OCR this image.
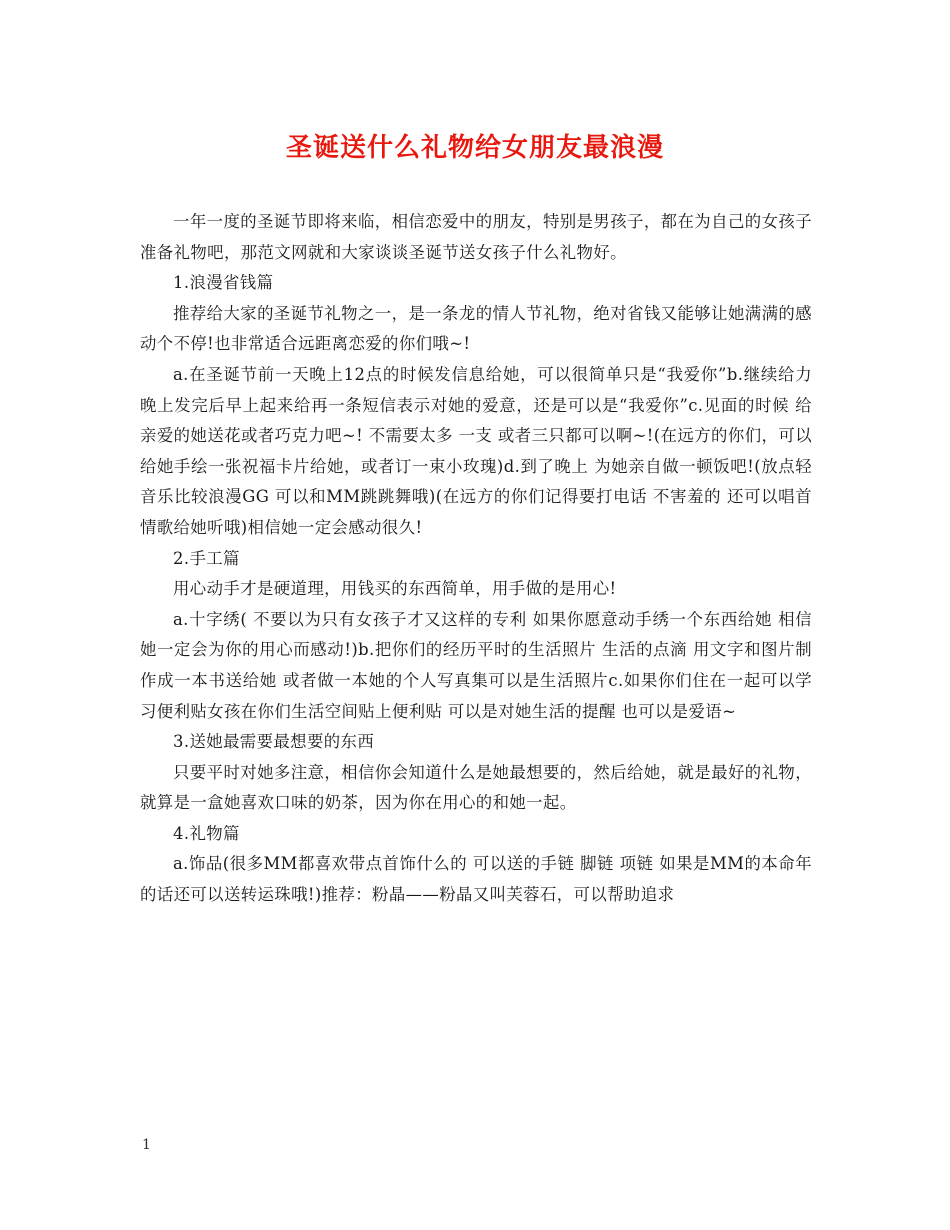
圣诞送什么礼物给女朋友最浪漫

一年一度的圣诞节即将来临，相信恋爱中的朋友，特别是男孩子，都在为自己的女孩子准备礼物吧，那范文网就和大家谈谈圣诞节送女孩子什么礼物好。

1.浪漫省钱篇

推荐给大家的圣诞节礼物之一，是一条龙的情人节礼物，绝对省钱又能够让她满满的感动个不停!也非常适合远距离恋爱的你们哦~!

a.在圣诞节前一天晚上12点的时候发信息给她，可以很简单只是“我爱你”b.继续给力 晚上发完后早上起来给再一条短信表示对她的爱意，还是可以是“我爱你”c.见面的时候 给亲爱的她送花或者巧克力吧~! 不需要太多 一支 或者三只都可以啊~!(在远方的你们，可以给她手绘一张祝福卡片给她，或者订一束小玫瑰)d.到了晚上 为她亲自做一顿饭吧!(放点轻音乐比较浪漫GG 可以和MM跳跳舞哦)(在远方的你们记得要打电话 不害羞的 还可以唱首情歌给她听哦)相信她一定会感动很久!

2.手工篇

用心动手才是硬道理，用钱买的东西简单，用手做的是用心!

a.十字绣( 不要以为只有女孩子才又这样的专利 如果你愿意动手绣一个东西给她 相信她一定会为你的用心而感动!)b.把你们的经历平时的生活照片 生活的点滴 用文字和图片制作成一本书送给她 或者做一本她的个人写真集可以是生活照片c.如果你们住在一起可以学习便利贴女孩在你们生活空间贴上便利贴 可以是对她生活的提醒 也可以是爱语~

3.送她最需要最想要的东西

只要平时对她多注意，相信你会知道什么是她最想要的，然后给她，就是最好的礼物，就算是一盒她喜欢口味的奶茶，因为你在用心的和她一起。

4.礼物篇

a.饰品(很多MM都喜欢带点首饰什么的 可以送的手链 脚链 项链 如果是MM的本命年的话还可以送转运珠哦!)推荐：粉晶——粉晶又叫芙蓉石，可以帮助追求

1
